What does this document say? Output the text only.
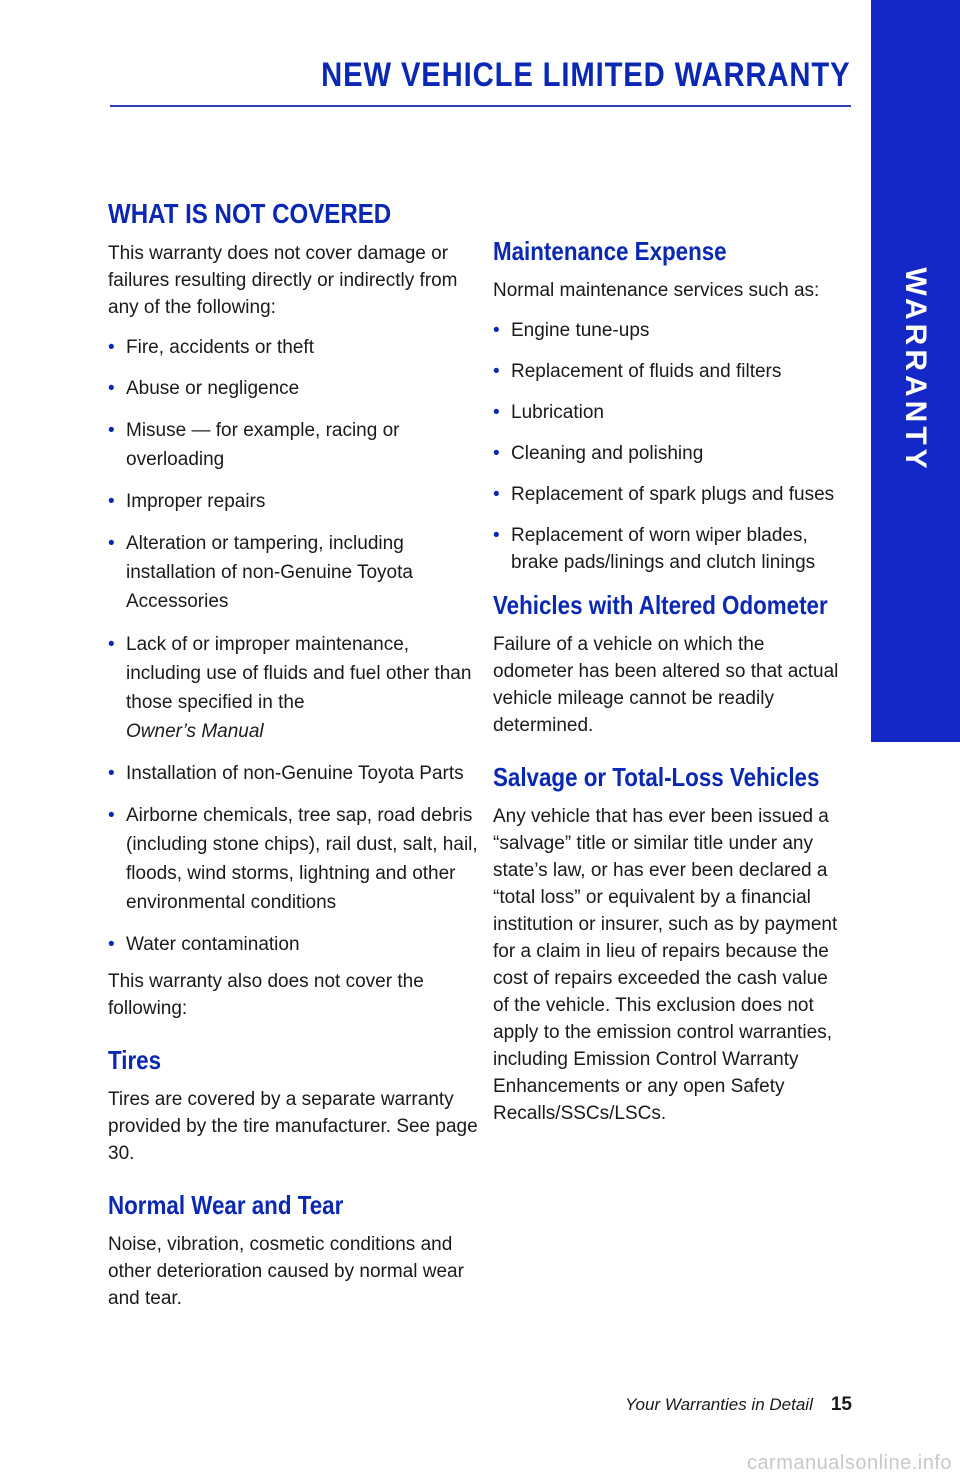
NEW VEHICLE LIMITED WARRANTY
WARRANTY
WHAT IS NOT COVERED

This warranty does not cover damage or failures resulting directly or indirectly from any of the following:

• Fire, accidents or theft
• Abuse or negligence
• Misuse — for example, racing or overloading
• Improper repairs
• Alteration or tampering, including installation of non-Genuine Toyota Accessories
• Lack of or improper maintenance, including use of fluids and fuel other than those specified in the
Owner’s Manual
• Installation of non-Genuine Toyota Parts
• Airborne chemicals, tree sap, road debris (including stone chips), rail dust, salt, hail, floods, wind storms, lightning and other environmental conditions
• Water contamination

This warranty also does not cover the following:

Tires

Tires are covered by a separate warranty provided by the tire manufacturer. See page 30.

Normal Wear and Tear

Noise, vibration, cosmetic conditions and other deterioration caused by normal wear and tear.

Maintenance Expense

Normal maintenance services such as:

• Engine tune-ups
• Replacement of fluids and filters
• Lubrication
• Cleaning and polishing
• Replacement of spark plugs and fuses
• Replacement of worn wiper blades, brake pads/linings and clutch linings
Vehicles with Altered Odometer

Failure of a vehicle on which the odometer has been altered so that actual vehicle mileage cannot be readily determined.

Salvage or Total-Loss Vehicles

Any vehicle that has ever been issued a “salvage” title or similar title under any state’s law, or has ever been declared a “total loss” or equivalent by a financial institution or insurer, such as by payment for a claim in lieu of repairs because the cost of repairs exceeded the cash value of the vehicle. This exclusion does not apply to the emission control warranties, including Emission Control Warranty Enhancements or any open Safety Recalls/SSCs/LSCs.

Your Warranties in Detail 15
carmanualsonline.info
